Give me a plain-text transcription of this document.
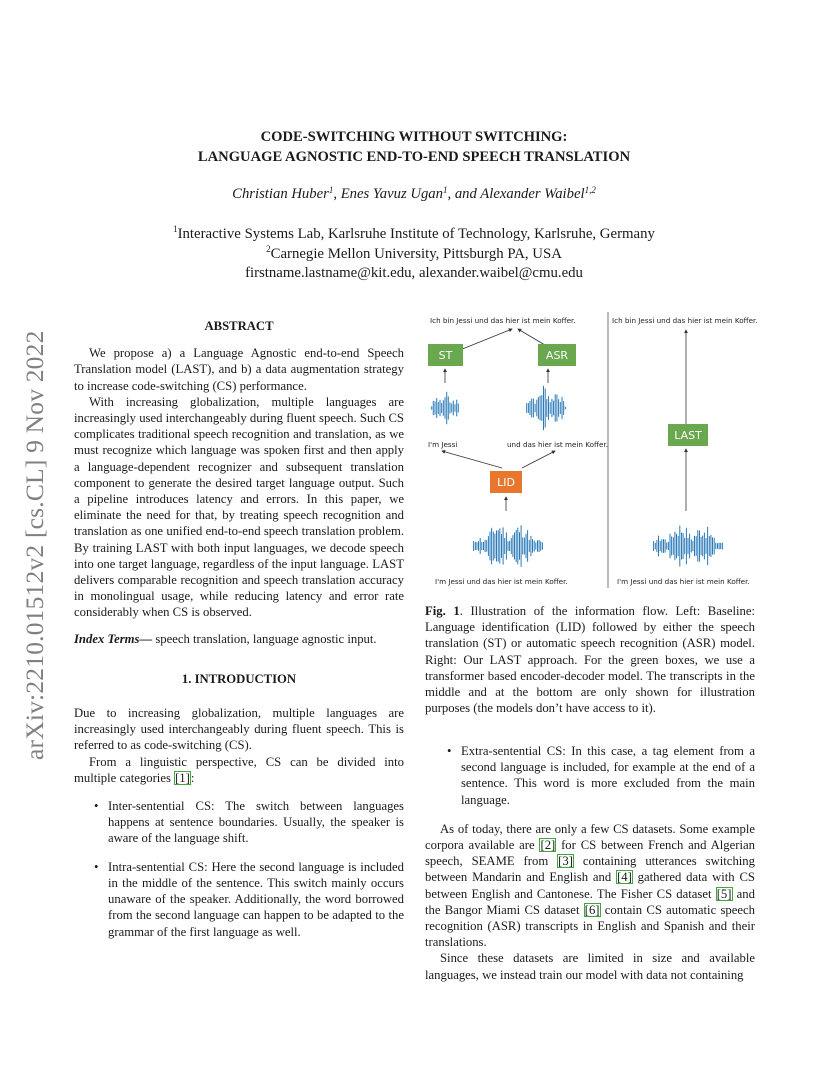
arXiv:2210.01512v2 [cs.CL] 9 Nov 2022
CODE-SWITCHING WITHOUT SWITCHING:
LANGUAGE AGNOSTIC END-TO-END SPEECH TRANSLATION
Christian Huber$^1$, Enes Yavuz Ugan$^1$, and Alexander Waibel$^{1,2}$
$^1$Interactive Systems Lab, Karlsruhe Institute of Technology, Karlsruhe, Germany
$^2$Carnegie Mellon University, Pittsburgh PA, USA
firstname.lastname@kit.edu, alexander.waibel@cmu.edu
ABSTRACT

We propose a) a Language Agnostic end-to-end Speech Translation model (LAST), and b) a data augmentation strategy to increase code-switching (CS) performance.

With increasing globalization, multiple languages are increasingly used interchangeably during fluent speech. Such CS complicates traditional speech recognition and translation, as we must recognize which language was spoken first and then apply a language-dependent recognizer and subsequent translation component to generate the desired target language output. Such a pipeline introduces latency and errors. In this paper, we eliminate the need for that, by treating speech recognition and translation as one unified end-to-end speech translation problem. By training LAST with both input languages, we decode speech into one target language, regardless of the input language. LAST delivers comparable recognition and speech translation accuracy in monolingual usage, while reducing latency and error rate considerably when CS is observed.

Index Terms— speech translation, language agnostic input.

1. INTRODUCTION

Due to increasing globalization, multiple languages are increasingly used interchangeably during fluent speech. This is referred to as code-switching (CS).

From a linguistic perspective, CS can be divided into multiple categories [1]:

• Inter-sentential CS: The switch between languages happens at sentence boundaries. Usually, the speaker is aware of the language shift.
• Intra-sentential CS: Here the second language is included in the middle of the sentence. This switch mainly occurs unaware of the speaker. Additionally, the word borrowed from the second language can happen to be adapted to the grammar of the first language as well.
Ich bin Jessi und das hier ist mein Koffer.
ST	ASR
I'm Jessi	und das hier ist mein Koffer.
LID
I'm Jessi und das hier ist mein Koffer.
Ich bin Jessi und das hier ist mein Koffer.
LAST
I'm Jessi und das hier ist mein Koffer.

Fig. 1. Illustration of the information flow. Left: Baseline: Language identification (LID) followed by either the speech translation (ST) or automatic speech recognition (ASR) model. Right: Our LAST approach. For the green boxes, we use a transformer based encoder-decoder model. The transcripts in the middle and at the bottom are only shown for illustration purposes (the models don’t have access to it).

• Extra-sentential CS: In this case, a tag element from a second language is included, for example at the end of a sentence. This word is more excluded from the main language.

As of today, there are only a few CS datasets. Some example corpora available are [2] for CS between French and Algerian speech, SEAME from [3] containing utterances switching between Mandarin and English and [4] gathered data with CS between English and Cantonese. The Fisher CS dataset [5] and the Bangor Miami CS dataset [6] contain CS automatic speech recognition (ASR) transcripts in English and Spanish and their translations.

Since these datasets are limited in size and available languages, we instead train our model with data not containing
